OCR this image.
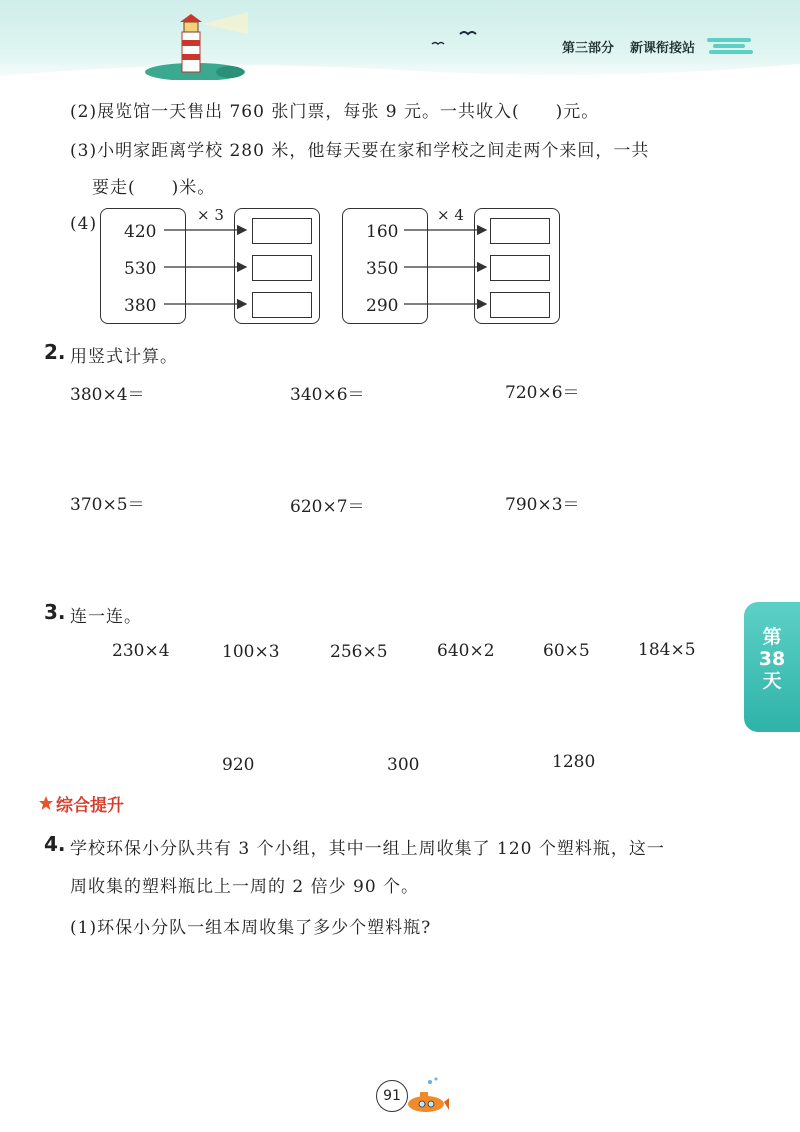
第三部分 新课衔接站
(2)展览馆一天售出 760 张门票，每张 9 元。一共收入(　　)元。
(3)小明家距离学校 280 米，他每天要在家和学校之间走两个来回，一共
要走(　　)米。
(4)	× 3
420
530
380
× 4
160
350
290
2. 用竖式计算。
380×4＝	340×6＝	720×6＝
370×5＝	620×7＝	790×3＝
3. 连一连。
230×4	100×3	256×5	640×2	60×5	184×5
920	300	1280
第
38
天
综合提升
4. 学校环保小分队共有 3 个小组，其中一组上周收集了 120 个塑料瓶，这一
周收集的塑料瓶比上一周的 2 倍少 90 个。
(1)环保小分队一组本周收集了多少个塑料瓶?
91
